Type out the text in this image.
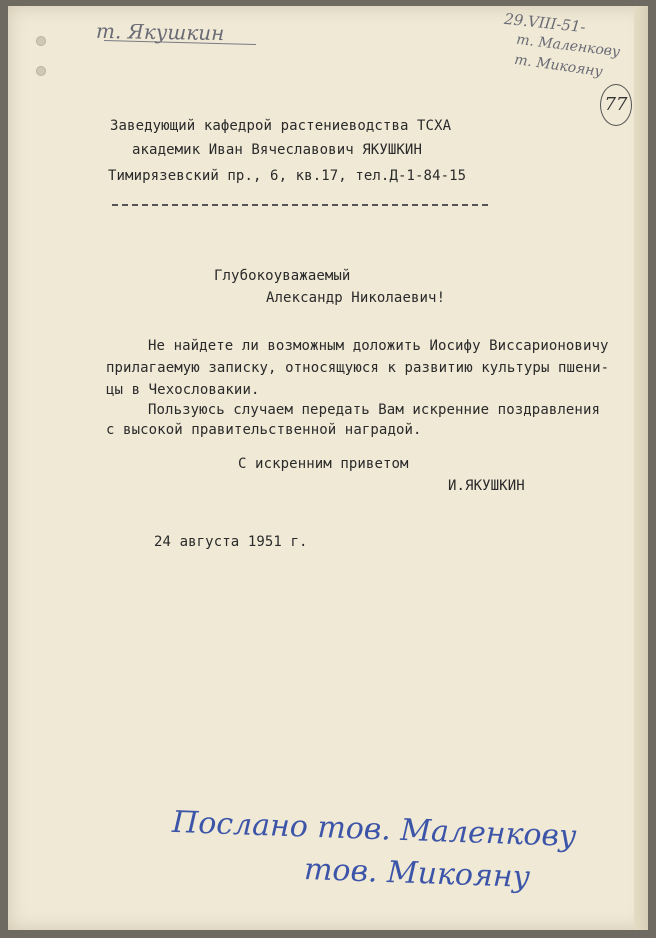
т. Якушкин	29.VIII-51-
т. Маленкову
т. Микояну
77
Заведующий кафедрой растениеводства ТСХА
академик Иван Вячеславович ЯКУШКИН
Тимирязевский пр., 6, кв.17, тел.Д-1-84-15
Глубокоуважаемый
Александр Николаевич!
Не найдете ли возможным доложить Иосифу Виссарионовичу
прилагаемую записку, относящуюся к развитию культуры пшени-
цы в Чехословакии.
Пользуюсь случаем передать Вам искренние поздравления
с высокой правительственной наградой.
С искренним приветом
И.ЯКУШКИН
24 августа 1951 г.
Послано тов. Маленкову
тов. Микояну
